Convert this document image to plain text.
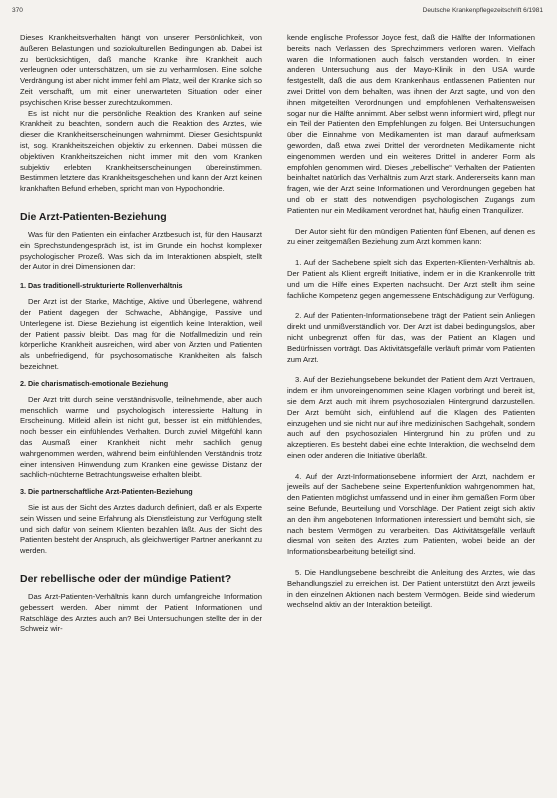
370	Deutsche Krankenpflegezeitschrift 6/1981

Dieses Krankheitsverhalten hängt von unserer Persönlichkeit, von äußeren Belastungen und soziokulturellen Bedingungen ab. Dabei ist zu berücksichtigen, daß manche Kranke ihre Krankheit auch verleugnen oder unterschätzen, um sie zu verharmlosen. Eine solche Verdrängung ist aber nicht immer fehl am Platz, weil der Kranke sich so Zeit verschafft, um mit einer unerwarteten Situation oder einer psychischen Krise besser zurechtzukommen.

Es ist nicht nur die persönliche Reaktion des Kranken auf seine Krankheit zu beachten, sondern auch die Reaktion des Arztes, wie dieser die Krankheitserscheinungen wahrnimmt. Dieser Gesichtspunkt ist, sog. Krankheitszeichen objektiv zu erkennen. Dabei müssen die objektiven Krankheitszeichen nicht immer mit den vom Kranken subjektiv erlebten Krankheitserscheinungen übereinstimmen. Bestimmen letztere das Krankheitsgeschehen und kann der Arzt keinen krankhaften Befund erheben, spricht man von Hypochondrie.

Die Arzt-Patienten-Beziehung

Was für den Patienten ein einfacher Arztbesuch ist, für den Hausarzt ein Sprechstundengespräch ist, ist im Grunde ein hochst komplexer psychologischer Prozeß. Was sich da im Interaktionen abspielt, stellt der Autor in drei Dimensionen dar:

1. Das traditionell-strukturierte Rollenverhältnis

Der Arzt ist der Starke, Mächtige, Aktive und Überlegene, während der Patient dagegen der Schwache, Abhängige, Passive und Unterlegene ist. Diese Beziehung ist eigentlich keine Interaktion, weil der Patient passiv bleibt. Das mag für die Notfallmedizin und rein körperliche Krankheit ausreichen, wird aber von Ärzten und Patienten als unbefriedigend, für psychosomatische Krankheiten als falsch bezeichnet.

2. Die charismatisch-emotionale Beziehung

Der Arzt tritt durch seine verständnisvolle, teilnehmende, aber auch menschlich warme und psychologisch interessierte Haltung in Erscheinung. Mitleid allein ist nicht gut, besser ist ein mitfühlendes, noch besser ein einfühlendes Verhalten. Durch zuviel Mitgefühl kann das Ausmaß einer Krankheit nicht mehr sachlich genug wahrgenommen werden, während beim einfühlenden Verständnis trotz einer intensiven Hinwendung zum Kranken eine gewisse Distanz der sachlich-nüchterne Betrachtungsweise erhalten bleibt.

3. Die partnerschaftliche Arzt-Patienten-Beziehung

Sie ist aus der Sicht des Arztes dadurch definiert, daß er als Experte sein Wissen und seine Erfahrung als Dienstleistung zur Verfügung stellt und sich dafür von seinem Klienten bezahlen läßt. Aus der Sicht des Patienten besteht der Anspruch, als gleichwertiger Partner anerkannt zu werden.

Der rebellische oder der mündige Patient?

Das Arzt-Patienten-Verhältnis kann durch umfangreiche Information gebessert werden. Aber nimmt der Patient Informationen und Ratschläge des Arztes auch an? Bei Untersuchungen stellte der in der Schweiz wir-

kende englische Professor Joyce fest, daß die Hälfte der Informationen bereits nach Verlassen des Sprechzimmers verloren waren. Vielfach waren die Informationen auch falsch verstanden worden. In einer anderen Untersuchung aus der Mayo-Klinik in den USA wurde festgestellt, daß die aus dem Krankenhaus entlassenen Patienten nur zwei Drittel von dem behalten, was ihnen der Arzt sagte, und von den ihnen mitgeteilten Verordnungen und empfohlenen Verhaltensweisen sogar nur die Hälfte annimmt. Aber selbst wenn informiert wird, pflegt nur ein Teil der Patienten den Empfehlungen zu folgen. Bei Untersuchungen über die Einnahme von Medikamenten ist man darauf aufmerksam geworden, daß etwa zwei Drittel der verordneten Medikamente nicht eingenommen werden und ein weiteres Drittel in anderer Form als empfohlen genommen wird. Dieses „rebellische“ Verhalten der Patienten beinhaltet natürlich das Verhältnis zum Arzt stark. Andererseits kann man fragen, wie der Arzt seine Informationen und Verordnungen gegeben hat und ob er statt des notwendigen psychologischen Zugangs zum Patienten nur ein Medikament verordnet hat, häufig einen Tranquilizer.

Der Autor sieht für den mündigen Patienten fünf Ebenen, auf denen es zu einer zeitgemäßen Beziehung zum Arzt kommen kann:

1. Auf der Sachebene spielt sich das Experten-Klienten-Verhältnis ab. Der Patient als Klient ergreift Initiative, indem er in die Krankenrolle tritt und um die Hilfe eines Experten nachsucht. Der Arzt stellt ihm seine fachliche Kompetenz gegen angemessene Entschädigung zur Verfügung.

2. Auf der Patienten-Informationsebene trägt der Patient sein Anliegen direkt und unmißverständlich vor. Der Arzt ist dabei bedingungslos, aber nicht unbegrenzt offen für das, was der Patient an Klagen und Bedürfnissen vorträgt. Das Aktivitätsgefälle verläuft primär vom Patienten zum Arzt.

3. Auf der Beziehungsebene bekundet der Patient dem Arzt Vertrauen, indem er ihm unvoreingenommen seine Klagen vorbringt und bereit ist, sie dem Arzt auch mit ihrem psychosozialen Hintergrund darzustellen. Der Arzt bemüht sich, einfühlend auf die Klagen des Patienten einzugehen und sie nicht nur auf ihre medizinischen Sachgehalt, sondern auch auf den psychosozialen Hintergrund hin zu prüfen und zu akzeptieren. Es besteht dabei eine echte Interaktion, die wechselnd dem einen oder anderen die Initiative überläßt.

4. Auf der Arzt-Informationsebene informiert der Arzt, nachdem er jeweils auf der Sachebene seine Expertenfunktion wahrgenommen hat, den Patienten möglichst umfassend und in einer ihm gemäßen Form über seine Befunde, Beurteilung und Vorschläge. Der Patient zeigt sich aktiv an den ihm angebotenen Informationen interessiert und bemüht sich, sie nach bestem Vermögen zu verarbeiten. Das Aktivitätsgefälle verläuft diesmal von seiten des Arztes zum Patienten, wobei beide an der Informationsbearbeitung beteiligt sind.

5. Die Handlungsebene beschreibt die Anleitung des Arztes, wie das Behandlungsziel zu erreichen ist. Der Patient unterstützt den Arzt jeweils in den einzelnen Aktionen nach bestem Vermögen. Beide sind wiederum wechselnd aktiv an der Interaktion beteiligt.
